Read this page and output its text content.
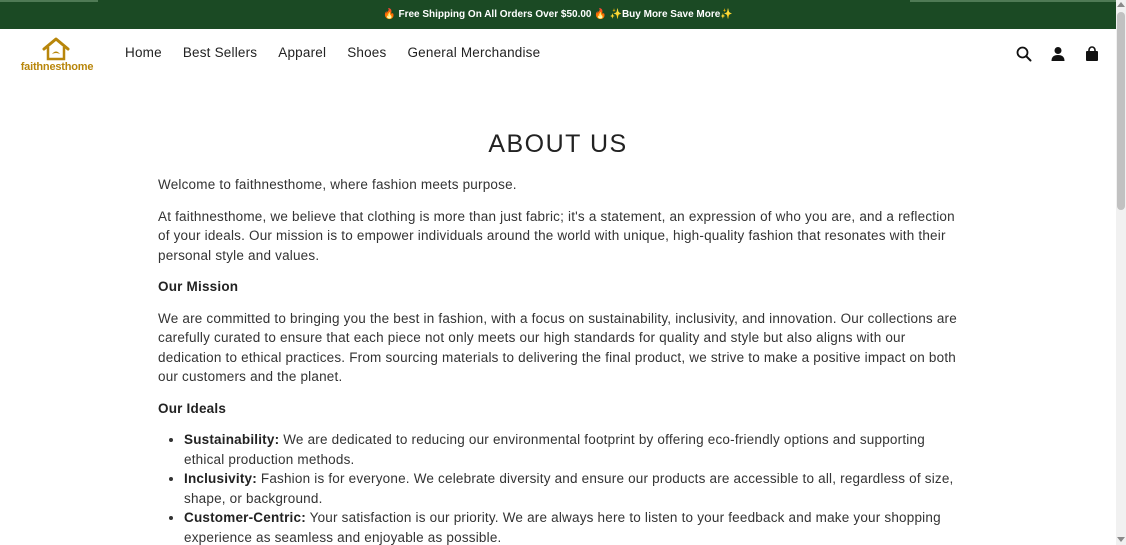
🔥 Free Shipping On All Orders Over $50.00 🔥 ✨Buy More Save More✨
faithnesthome
Home Best Sellers Apparel Shoes General Merchandise
ABOUT US

Welcome to faithnesthome, where fashion meets purpose.

At faithnesthome, we believe that clothing is more than just fabric; it's a statement, an expression of who you are, and a reflection of your ideals. Our mission is to empower individuals around the world with unique, high-quality fashion that resonates with their personal style and values.

Our Mission

We are committed to bringing you the best in fashion, with a focus on sustainability, inclusivity, and innovation. Our collections are carefully curated to ensure that each piece not only meets our high standards for quality and style but also aligns with our dedication to ethical practices. From sourcing materials to delivering the final product, we strive to make a positive impact on both our customers and the planet.

Our Ideals

• Sustainability: We are dedicated to reducing our environmental footprint by offering eco-friendly options and supporting ethical production methods.
• Inclusivity: Fashion is for everyone. We celebrate diversity and ensure our products are accessible to all, regardless of size, shape, or background.
• Customer-Centric: Your satisfaction is our priority. We are always here to listen to your feedback and make your shopping experience as seamless and enjoyable as possible.
